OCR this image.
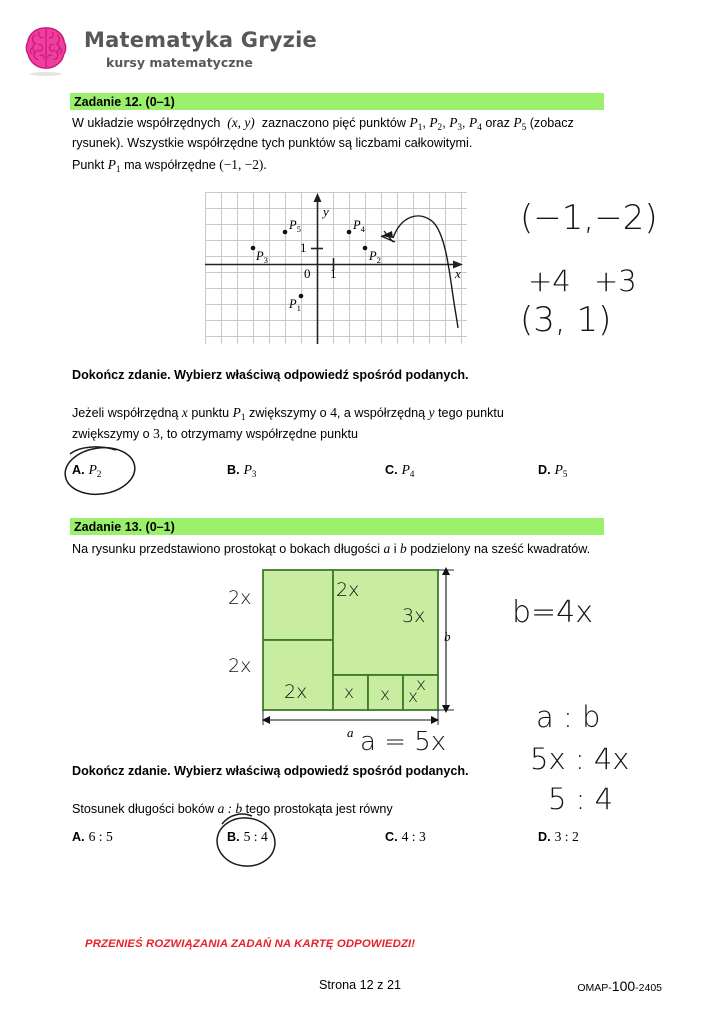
Matematyka Gryzie
kursy matematyczne
Zadanie 12. (0–1)
W układzie współrzędnych (x, y) zaznaczono pięć punktów $P_1$, $P_2$, $P_3$, $P_4$ oraz $P_5$ (zobacz
rysunek). Wszystkie współrzędne tych punktów są liczbami całkowitymi.
Punkt $P_1$ ma współrzędne (−1, −2).
y
x
0 1
1
$P_1$
$P_2$
$P_3$
$P_4$
$P_5$	(−1,−2)
+4 +3
(3, 1)
Dokończ zdanie. Wybierz właściwą odpowiedź spośród podanych.
Jeżeli współrzędną x punktu $P_1$ zwiększymy o 4, a współrzędną y tego punktu
zwiększymy o 3, to otrzymamy współrzędne punktu
A. $P_2$	B. $P_3$	C. $P_4$	D. $P_5$
Zadanie 13. (0–1)
Na rysunku przedstawiono prostokąt o bokach długości a i b podzielony na sześć kwadratów.
b
a
2x
2x
2x
3x
2x x x x
x
b=4x
a = 5x
a : b
5x : 4x
5 : 4
Dokończ zdanie. Wybierz właściwą odpowiedź spośród podanych.
Stosunek długości boków a : b tego prostokąta jest równy
A. 6 : 5	B. 5 : 4	C. 4 : 3	D. 3 : 2
PRZENIEŚ ROZWIĄZANIA ZADAŃ NA KARTĘ ODPOWIEDZI!
Strona 12 z 21	OMAP-100-2405
